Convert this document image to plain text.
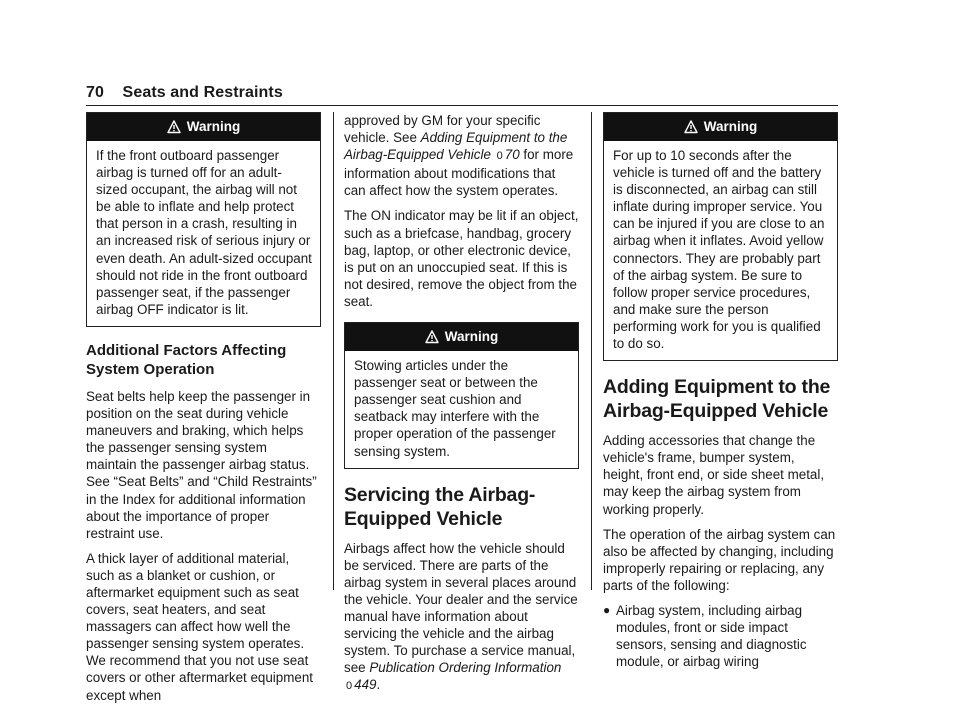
70 Seats and Restraints
Warning
If the front outboard passenger airbag is turned off for an adult-sized occupant, the airbag will not be able to inflate and help protect that person in a crash, resulting in an increased risk of serious injury or even death. An adult-sized occupant should not ride in the front outboard passenger seat, if the passenger airbag OFF indicator is lit.
Additional Factors Affecting System Operation

Seat belts help keep the passenger in position on the seat during vehicle maneuvers and braking, which helps the passenger sensing system maintain the passenger airbag status. See “Seat Belts” and “Child Restraints” in the Index for additional information about the importance of proper restraint use.

A thick layer of additional material, such as a blanket or cushion, or aftermarket equipment such as seat covers, seat heaters, and seat massagers can affect how well the passenger sensing system operates. We recommend that you not use seat covers or other aftermarket equipment except when

approved by GM for your specific vehicle. See Adding Equipment to the Airbag-Equipped Vehicle 0 70 for more information about modifications that can affect how the system operates.

The ON indicator may be lit if an object, such as a briefcase, handbag, grocery bag, laptop, or other electronic device, is put on an unoccupied seat. If this is not desired, remove the object from the seat.

Warning
Stowing articles under the passenger seat or between the passenger seat cushion and seatback may interfere with the proper operation of the passenger sensing system.
Servicing the Airbag-Equipped Vehicle

Airbags affect how the vehicle should be serviced. There are parts of the airbag system in several places around the vehicle. Your dealer and the service manual have information about servicing the vehicle and the airbag system. To purchase a service manual, see Publication Ordering Information 0 449.

Warning
For up to 10 seconds after the vehicle is turned off and the battery is disconnected, an airbag can still inflate during improper service. You can be injured if you are close to an airbag when it inflates. Avoid yellow connectors. They are probably part of the airbag system. Be sure to follow proper service procedures, and make sure the person performing work for you is qualified to do so.
Adding Equipment to the Airbag-Equipped Vehicle

Adding accessories that change the vehicle's frame, bumper system, height, front end, or side sheet metal, may keep the airbag system from working properly.

The operation of the airbag system can also be affected by changing, including improperly repairing or replacing, any parts of the following:

● Airbag system, including airbag modules, front or side impact sensors, sensing and diagnostic module, or airbag wiring
